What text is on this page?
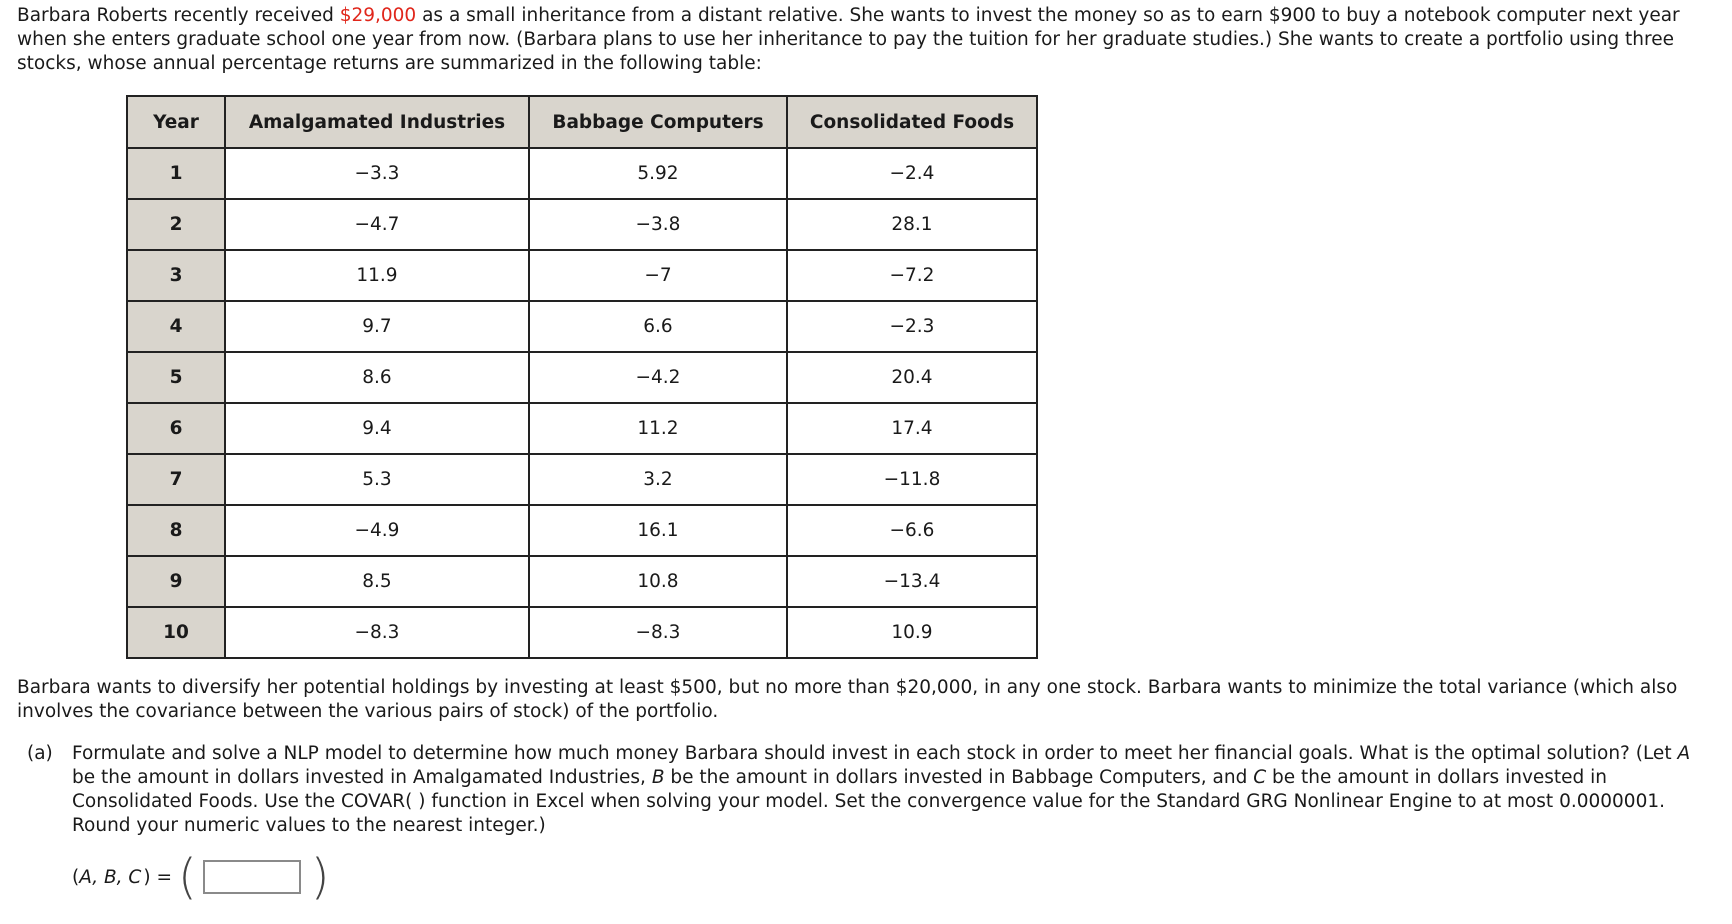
Barbara Roberts recently received $29,000 as a small inheritance from a distant relative. She wants to invest the money so as to earn $900 to buy a notebook computer next year when she enters graduate school one year from now. (Barbara plans to use her inheritance to pay the tuition for her graduate studies.) She wants to create a portfolio using three stocks, whose annual percentage returns are summarized in the following table:

Year	Amalgamated Industries	Babbage Computers	Consolidated Foods
1	−3.3	5.92	−2.4
2	−4.7	−3.8	28.1
3	11.9	−7	−7.2
4	9.7	6.6	−2.3
5	8.6	−4.2	20.4
6	9.4	11.2	17.4
7	5.3	3.2	−11.8
8	−4.9	16.1	−6.6
9	8.5	10.8	−13.4
10	−8.3	−8.3	10.9

Barbara wants to diversify her potential holdings by investing at least $500, but no more than $20,000, in any one stock. Barbara wants to minimize the total variance (which also involves the covariance between the various pairs of stock) of the portfolio.

(a)	Formulate and solve a NLP model to determine how much money Barbara should invest in each stock in order to meet her financial goals. What is the optimal solution? (Let A be the amount in dollars invested in Amalgamated Industries, B be the amount in dollars invested in Babbage Computers, and C be the amount in dollars invested in Consolidated Foods. Use the COVAR( ) function in Excel when solving your model. Set the convergence value for the Standard GRG Nonlinear Engine to at most 0.0000001. Round your numeric values to the nearest integer.)
(A, B, C ) = ( )
